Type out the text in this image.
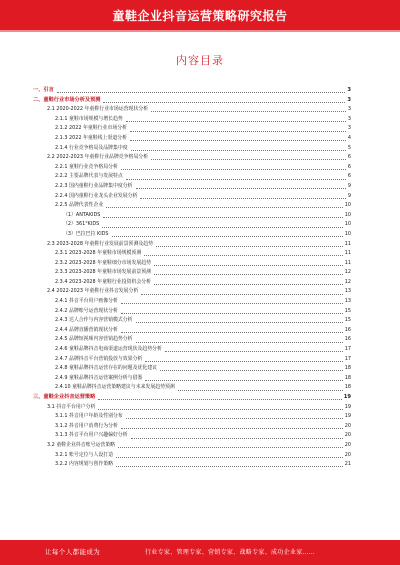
童鞋企业抖音运营策略研究报告
内容目录
一、引言	3
二、童鞋行业市场分析及预测	3
2.1 2020-2022 年童鞋行业市场运营现状分析	3
2.1.1 童鞋市场规模与增长趋势	3
2.1.2 2022 年童鞋行业市场分析	3
2.1.3 2022 年童鞋线上渠道分析	4
2.1.4 行业竞争格局及品牌集中度	5
2.2 2022-2023 年童鞋行业品牌竞争格局分析	6
2.2.1 童鞋行业竞争格局分析	6
2.2.2 主要品牌代表与发展特点	6
2.2.3 国内童鞋行业品牌集中度分析	9
2.2.4 国内童鞋行业龙头企业发展分析	9
2.2.5 品牌代表性企业	10
（1）ANTAKIDS	10
（2）361°KIDS	10
（3）巴拉巴拉 KIDS	10
2.3 2023-2028 年童鞋行业发展前景预测及趋势	11
2.3.1 2023-2028 年童鞋市场规模预测	11
2.3.2 2023-2028 年童鞋细分市场发展趋势	11
2.3.3 2023-2028 年童鞋市场发展前景预测	12
2.3.4 2023-2028 年童鞋行业投资机会分析	12
2.4 2022-2023 年童鞋行业抖音发展分析	13
2.4.1 抖音平台用户画像分析	13
2.4.2 品牌账号运营现状分析	15
2.4.3 达人合作与内容营销模式分析	15
2.4.4 品牌直播营销现状分析	16
2.4.5 品牌短视频内容营销趋势分析	16
2.4.6 童鞋品牌抖音电商渠道运营现状及趋势分析	17
2.4.7 品牌抖音平台营销投放与效果分析	17
2.4.8 童鞋品牌抖音运营存在的问题及优化建议	18
2.4.9 童鞋品牌抖音运营案例分析与借鉴	18
2.4.10 童鞋品牌抖音运营策略建议与未来发展趋势预测	18
三、童鞋企业抖音运营策略	19
3.1 抖音平台用户分析	19
3.1.1 抖音用户年龄及性别分布	19
3.1.2 抖音用户消费行为分析	20
3.1.3 抖音平台用户兴趣偏好分析	20
3.2 童鞋企业抖音账号运营策略	20
3.2.1 账号定位与人设打造	20
3.2.2 内容规划与创作策略	21
让每个人都能成为	行业专家、管理专家、营销专家、战略专家、成功企业家……
